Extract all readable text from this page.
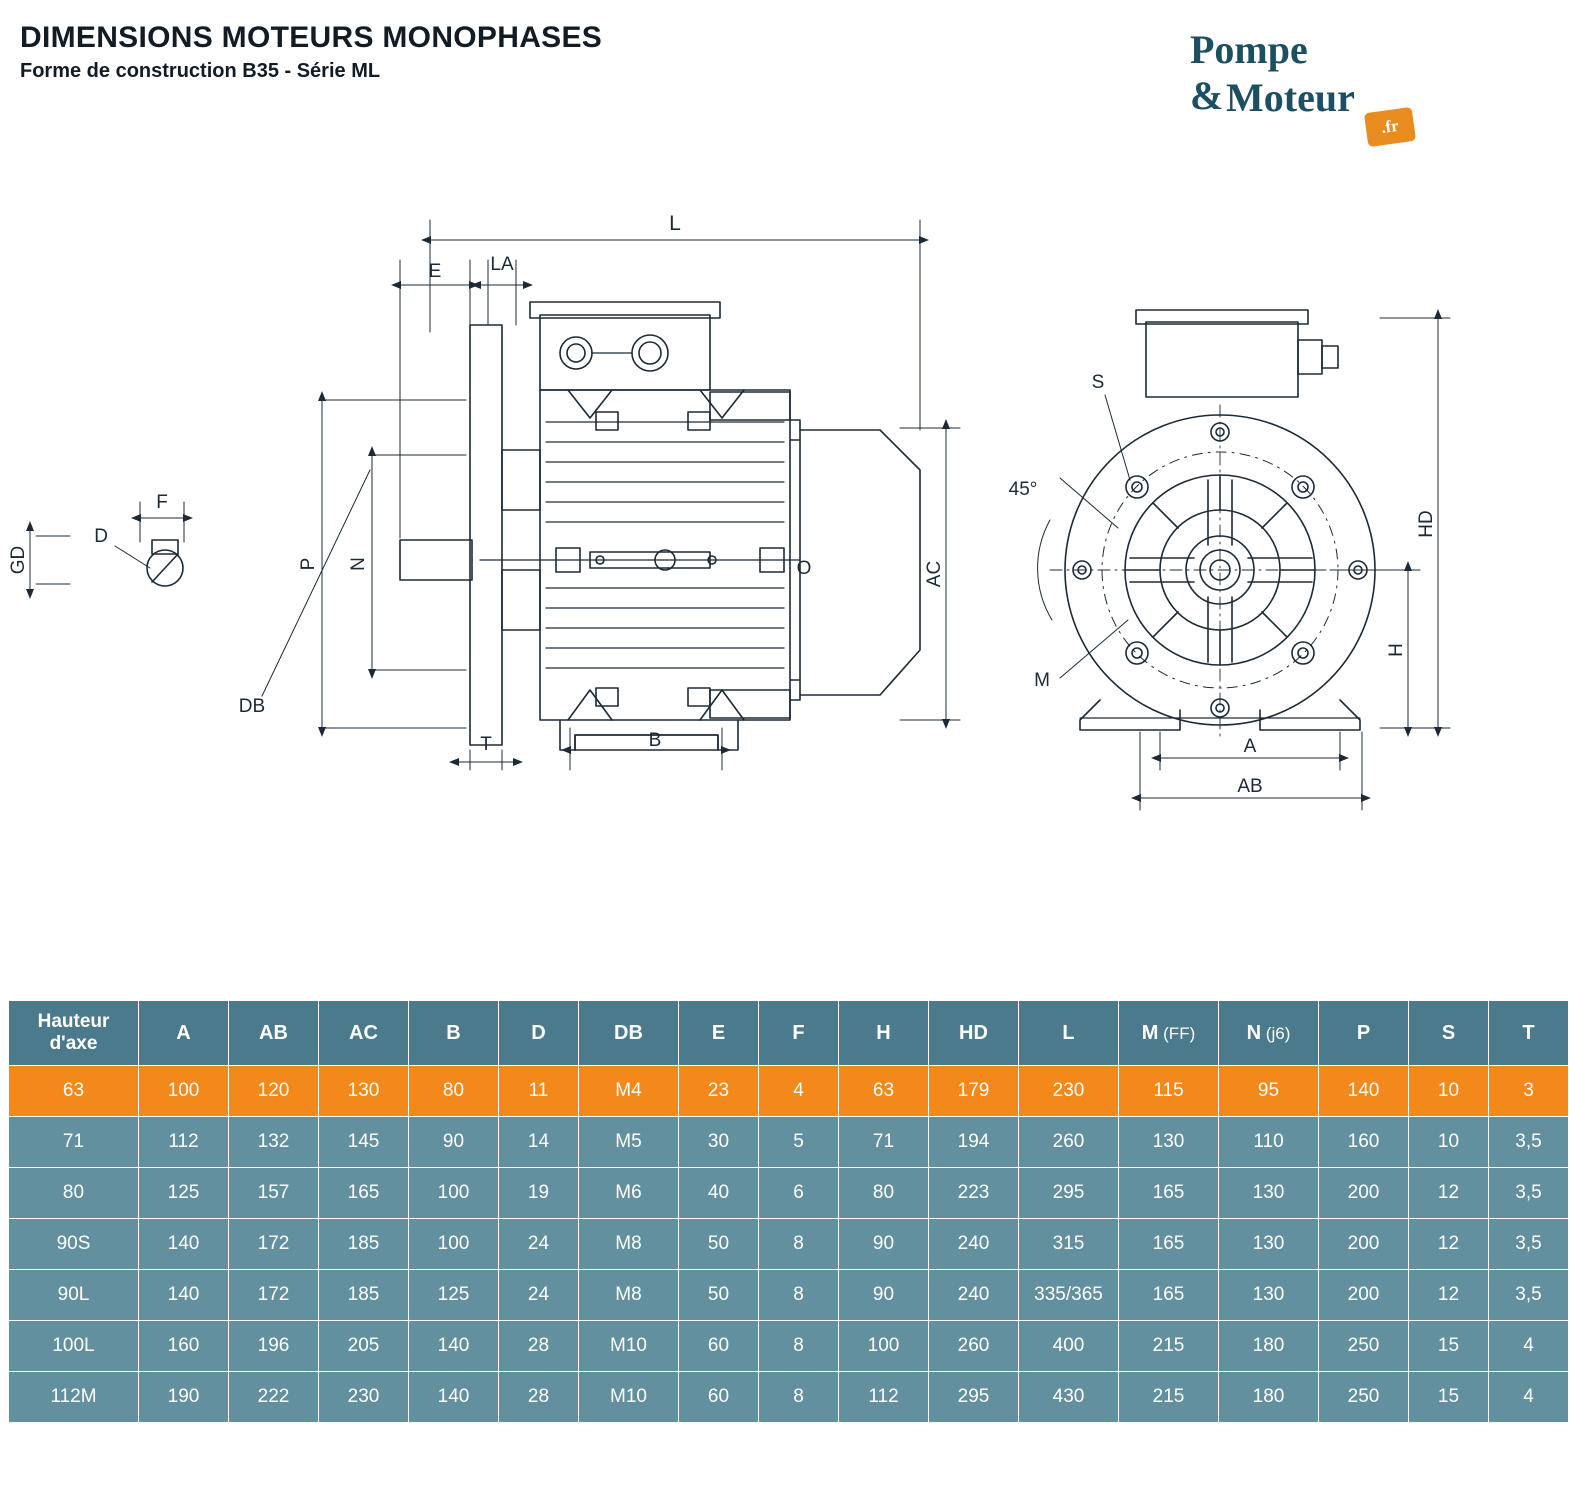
DIMENSIONS MOTEURS MONOPHASES
Forme de construction B35 - Série ML	Pompe
& Moteur
.fr
F
D
GD
L
E	LA
P N
DB
T	B
AC
O
S
45°
M
HD
H
A
AB
Hauteur
d'axe	A	AB	AC	B	D	DB	E	F	H	HD	L	M (FF)	N (j6)	P	S	T
63	100	120	130	80	11	M4	23	4	63	179	230	115	95	140	10	3
71	112	132	145	90	14	M5	30	5	71	194	260	130	110	160	10	3,5
80	125	157	165	100	19	M6	40	6	80	223	295	165	130	200	12	3,5
90S	140	172	185	100	24	M8	50	8	90	240	315	165	130	200	12	3,5
90L	140	172	185	125	24	M8	50	8	90	240	335/365	165	130	200	12	3,5
100L	160	196	205	140	28	M10	60	8	100	260	400	215	180	250	15	4
112M	190	222	230	140	28	M10	60	8	112	295	430	215	180	250	15	4
